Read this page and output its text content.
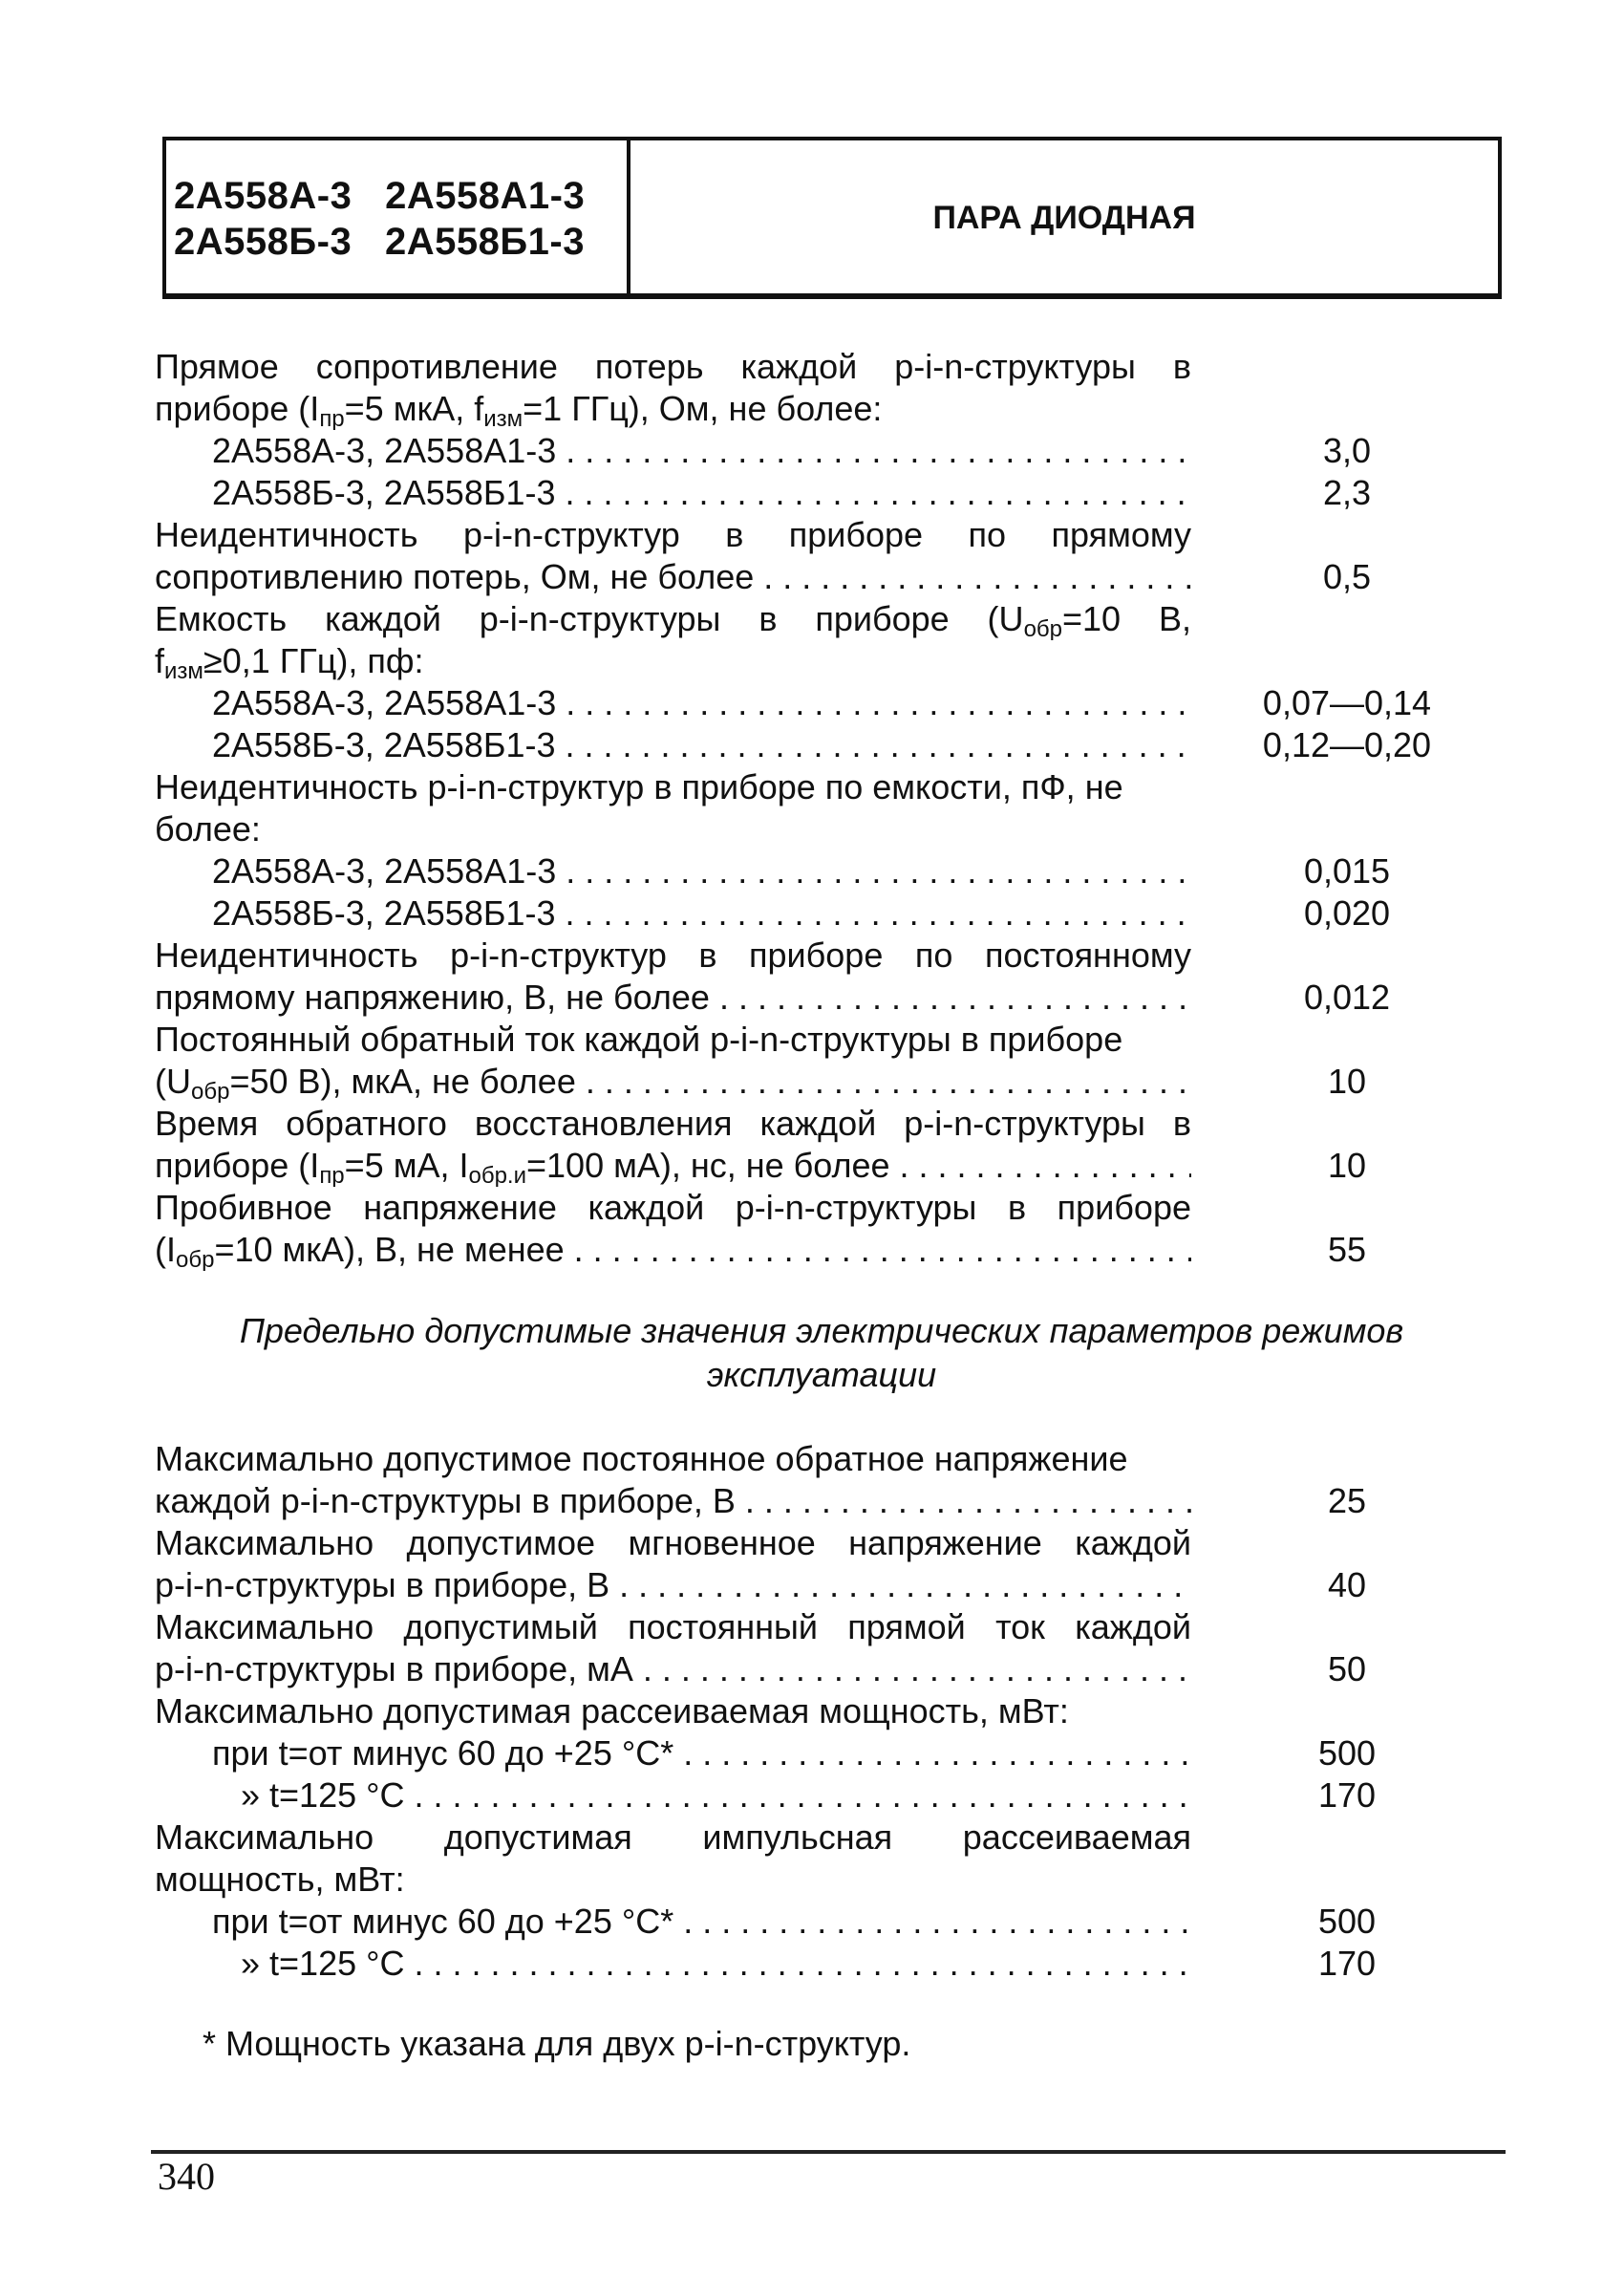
2А558А-3   2А558А1-3
2А558Б-3   2А558Б1-3
ПАРА ДИОДНАЯ
Прямое сопротивление потерь каждой p-i-n-структуры в
приборе ($I_{пр}=5$ мкА, $f_{изм}=1$ ГГц), Ом, не более:
2А558А-3, 2А558А1-3 . . .	3,0
2А558Б-3, 2А558Б1-3 . . .	2,3
Неидентичность p-i-n-структур в приборе по прямому
сопротивлению потерь, Ом, не более . . .	0,5
Емкость каждой p-i-n-структуры в приборе ($U_{обр}=10$ В,
$f_{изм}\ge 0,1$ ГГц), пф:
2А558А-3, 2А558А1-3 . . .	0,07—0,14
2А558Б-3, 2А558Б1-3 . . .	0,12—0,20
Неидентичность p-i-n-структур в приборе по емкости, пФ, не
более:
2А558А-3, 2А558А1-3 . . .	0,015
2А558Б-3, 2А558Б1-3 . . .	0,020
Неидентичность p-i-n-структур в приборе по постоянному
прямому напряжению, В, не более . . .	0,012
Постоянный обратный ток каждой p-i-n-структуры в приборе
($U_{обр}=50$ В), мкА, не более . . .	10
Время обратного восстановления каждой p-i-n-структуры в
приборе ($I_{пр}=5$ мА, $I_{обр.и}=100$ мА), нс, не более . . .	10
Пробивное напряжение каждой p-i-n-структуры в приборе
($I_{обр}=10$ мкА), В, не менее . . .	55
Предельно допустимые значения электрических параметров режимов
эксплуатации
Максимально допустимое постоянное обратное напряжение
каждой p-i-n-структуры в приборе, В . . .	25
Максимально допустимое мгновенное напряжение каждой
p-i-n-структуры в приборе, В . . .	40
Максимально допустимый постоянный прямой ток каждой
p-i-n-структуры в приборе, мА . . .	50
Максимально допустимая рассеиваемая мощность, мВт:
при t=от минус 60 до +25 °С* . . .	500
» t=125 °С . . .	170
Максимально допустимая импульсная рассеиваемая
мощность, мВт:
при t=от минус 60 до +25 °С* . . .	500
» t=125 °С . . .	170
* Мощность указана для двух p-i-n-структур.
340
